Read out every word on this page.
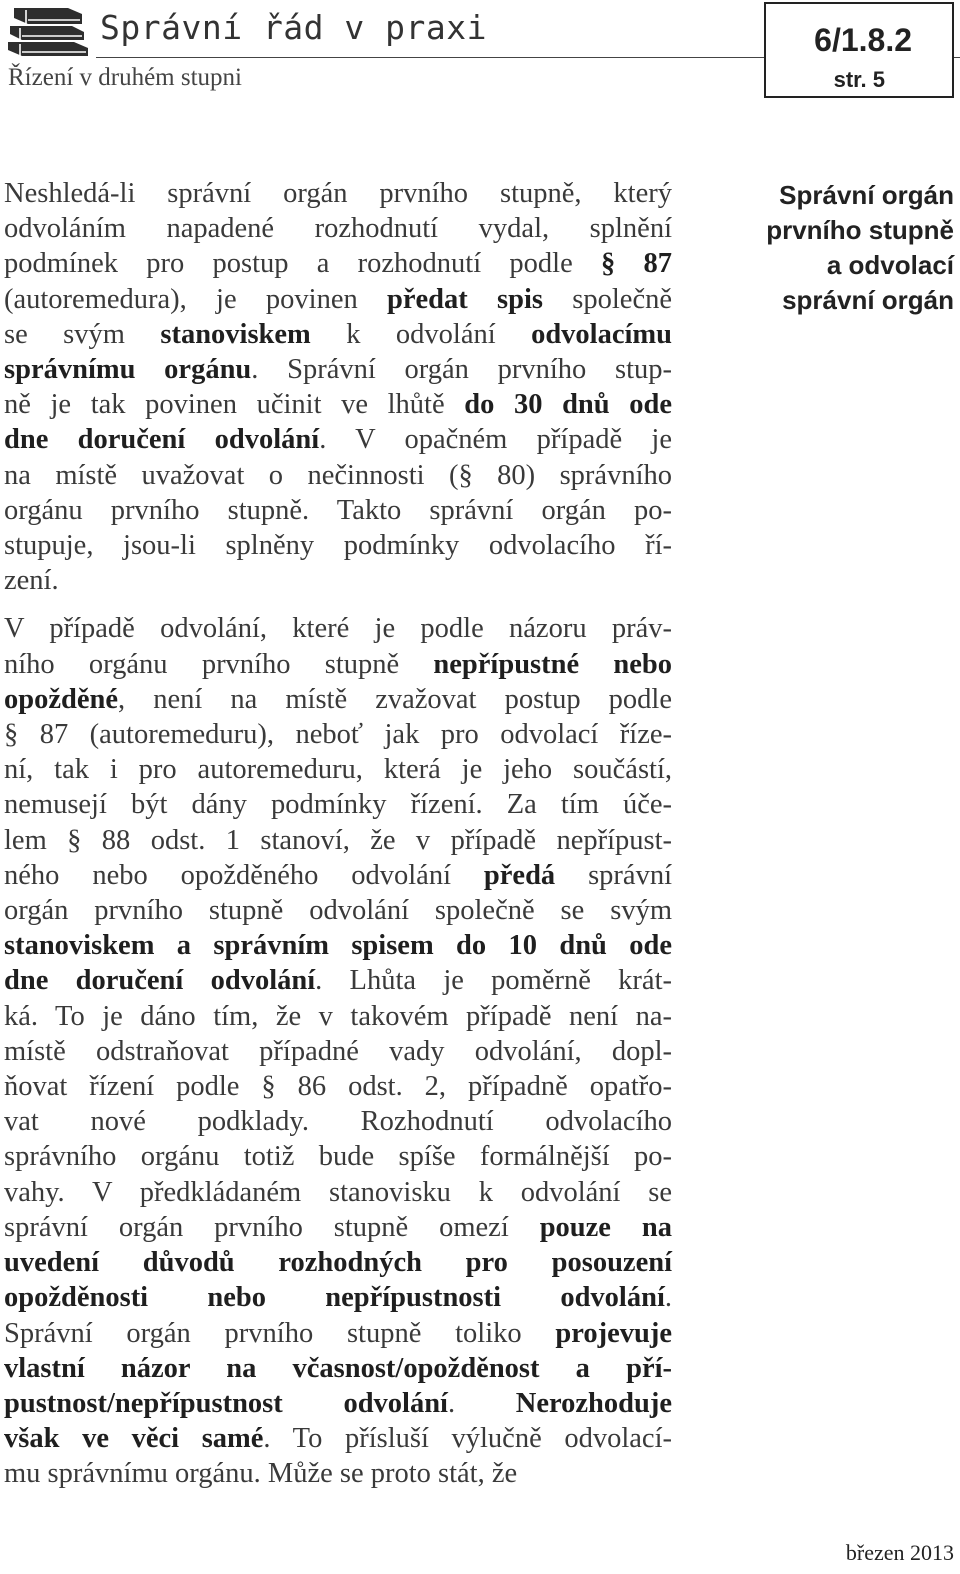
Správní řád v praxi
Řízení v druhém stupni
6/1.8.2
str. 5
Neshledá-li správní orgán prvního stupně, který
odvoláním napadené rozhodnutí vydal, splnění
podmínek pro postup a rozhodnutí podle § 87
(autoremedura), je povinen předat spis společně
se svým stanoviskem k odvolání odvolacímu
správnímu orgánu. Správní orgán prvního stup-
ně je tak povinen učinit ve lhůtě do 30 dnů ode
dne doručení odvolání. V opačném případě je
na místě uvažovat o nečinnosti (§ 80) správního
orgánu prvního stupně. Takto správní orgán po-
stupuje, jsou-li splněny podmínky odvolacího ří-
zení.
V případě odvolání, které je podle názoru práv-
ního orgánu prvního stupně nepřípustné nebo
opožděné, není na místě zvažovat postup podle
§ 87 (autoremeduru), neboť jak pro odvolací říze-
ní, tak i pro autoremeduru, která je jeho součástí,
nemusejí být dány podmínky řízení. Za tím úče-
lem § 88 odst. 1 stanoví, že v případě nepřípust-
ného nebo opožděného odvolání předá správní
orgán prvního stupně odvolání společně se svým
stanoviskem a správním spisem do 10 dnů ode
dne doručení odvolání. Lhůta je poměrně krát-
ká. To je dáno tím, že v takovém případě není na-
místě odstraňovat případné vady odvolání, dopl-
ňovat řízení podle § 86 odst. 2, případně opatřo-
vat nové podklady. Rozhodnutí odvolacího
správního orgánu totiž bude spíše formálnější po-
vahy. V předkládaném stanovisku k odvolání se
správní orgán prvního stupně omezí pouze na
uvedení důvodů rozhodných pro posouzení
opožděnosti nebo nepřípustnosti odvolání.
Správní orgán prvního stupně toliko projevuje
vlastní názor na včasnost/opožděnost a pří-
pustnost/nepřípustnost odvolání. Nerozhoduje
však ve věci samé. To přísluší výlučně odvolací-
mu správnímu orgánu. Může se proto stát, že
Správní orgán
prvního stupně
a odvolací
správní orgán
březen 2013
